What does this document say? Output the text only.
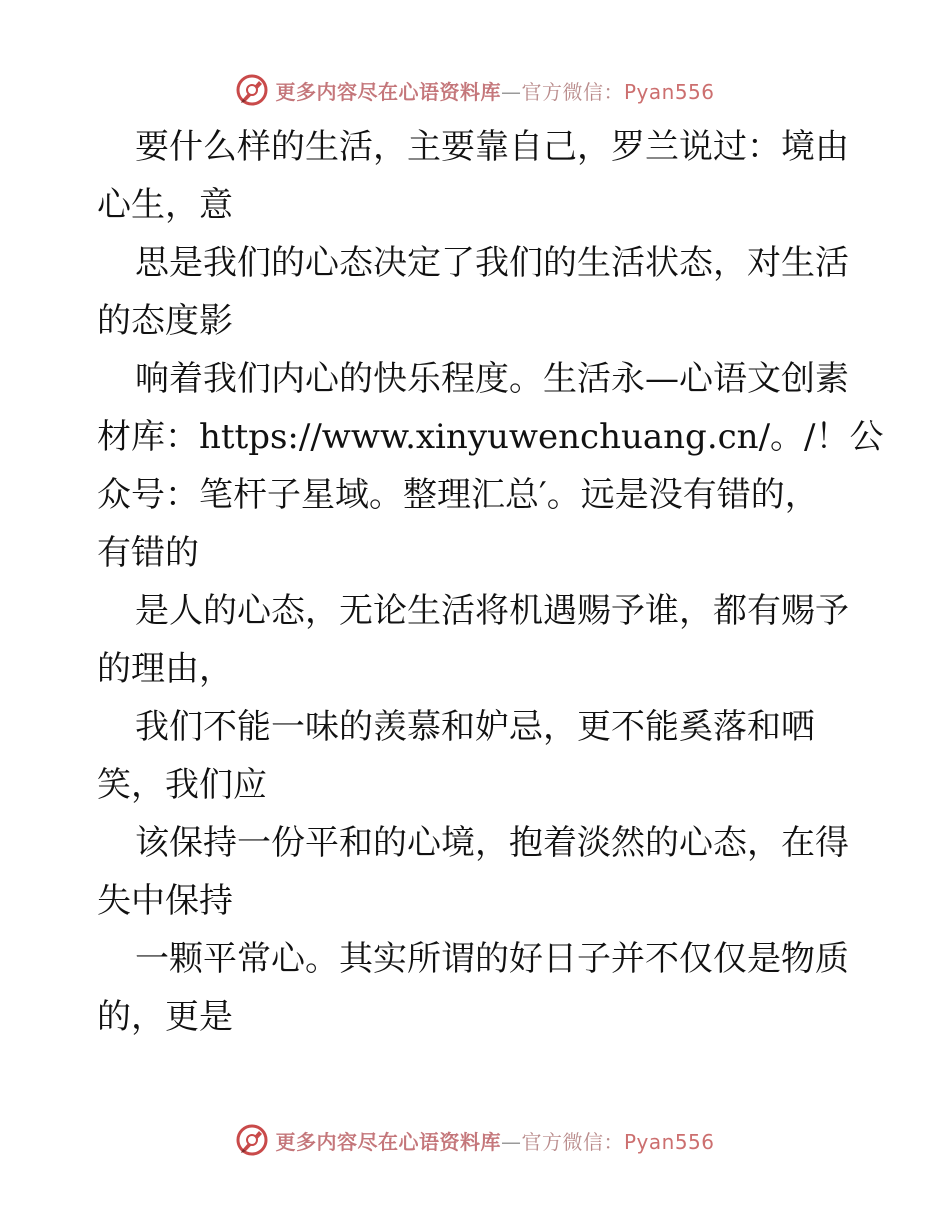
更多内容尽在心语资料库—官方微信：Pyan556
要什么样的生活，主要靠自己，罗兰说过：境由
心生，意
思是我们的心态决定了我们的生活状态，对生活
的态度影
响着我们内心的快乐程度。生活永—心语文创素
材库：https://www.xinyuwenchuang.cn/。/！公
众号：笔杆子星域。整理汇总′。远是没有错的，
有错的
是人的心态，无论生活将机遇赐予谁，都有赐予
的理由，
我们不能一味的羡慕和妒忌，更不能奚落和哂
笑，我们应
该保持一份平和的心境，抱着淡然的心态，在得
失中保持
一颗平常心。其实所谓的好日子并不仅仅是物质
的，更是
更多内容尽在心语资料库—官方微信：Pyan556
